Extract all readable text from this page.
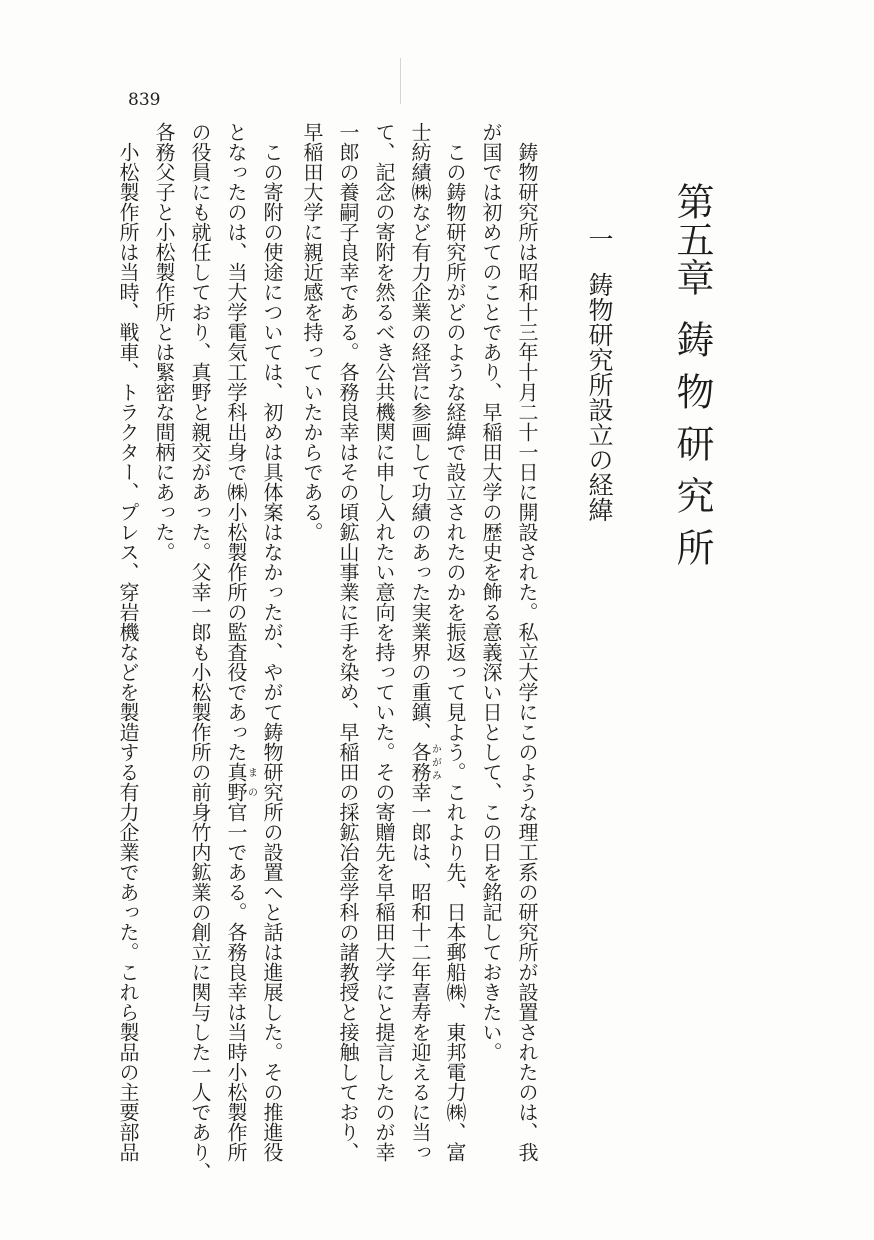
839
第五章
鋳物研究所
一
鋳物研究所設立の経緯
鋳物研究所は昭和十三年十月二十一日に開設された。私立大学にこのような理工系の研究所が設置されたのは、我
が国では初めてのことであり、早稲田大学の歴史を飾る意義深い日として、この日を銘記しておきたい。
この鋳物研究所がどのような経緯で設立されたのかを振返って見よう。これより先、日本郵船㈱、東邦電力㈱、富
士紡績㈱など有力企業の経営に参画して功績のあった実業界の重鎮、各務かがみ幸一郎は、昭和十二年喜寿を迎えるに当っ
て、記念の寄附を然るべき公共機関に申し入れたい意向を持っていた。その寄贈先を早稲田大学にと提言したのが幸
一郎の養嗣子良幸である。各務良幸はその頃鉱山事業に手を染め、早稲田の採鉱冶金学科の諸教授と接触しており、
早稲田大学に親近感を持っていたからである。
この寄附の使途については、初めは具体案はなかったが、やがて鋳物研究所の設置へと話は進展した。その推進役
となったのは、当大学電気工学科出身で㈱小松製作所の監査役であった真野まの官一である。各務良幸は当時小松製作所
の役員にも就任しており、真野と親交があった。父幸一郎も小松製作所の前身竹内鉱業の創立に関与した一人であり、
各務父子と小松製作所とは緊密な間柄にあった。
小松製作所は当時、戦車、トラクター、プレス、穿岩機などを製造する有力企業であった。これら製品の主要部品
